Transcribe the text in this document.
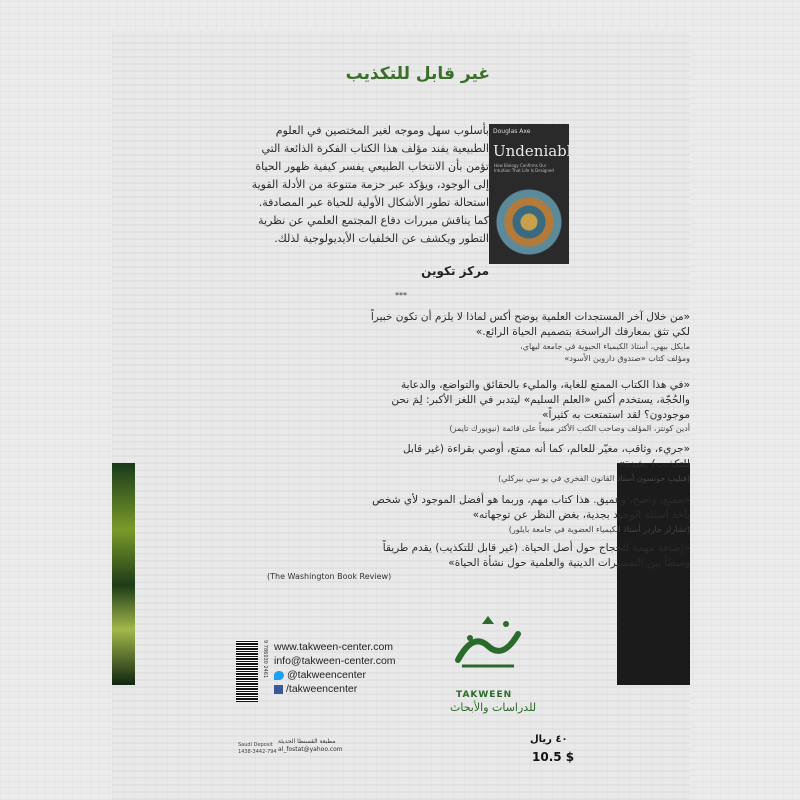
غير قابل للتكذيب
Douglas Axe
Undeniable
How Biology Confirms Our Intuition That Life Is Designed
بأسلوب سهل وموجه لغير المختصين في العلوم الطبيعية يفند مؤلف هذا الكتاب الفكرة الذائعة التي تؤمن بأن الانتخاب الطبيعي يفسر كيفية ظهور الحياة إلى الوجود، ويؤكد عبر حزمة متنوعة من الأدلة القوية استحالة تطور الأشكال الأولية للحياة عبر المصادفة. كما يناقش مبررات دفاع المجتمع العلمي عن نظرية التطور ويكشف عن الخلفيات الأيديولوجية لذلك.
مركز تكوين
***
«من خلال آخر المستجدات العلمية يوضح أكس لماذا لا يلزم أن تكون خبيراً لكي تثق بمعارفك الراسخة بتصميم الحياة الرائع.»
مايكل بيهي، أستاذ الكيمياء الحيوية في جامعة ليهاي،
ومؤلف كتاب «صندوق داروين الأسود»
«في هذا الكتاب الممتع للغاية، والمليء بالحقائق والتواضع، والدعابة والحُجّة، يستخدم أكس «العلم السليم» ليتدبر في اللغز الأكبر: لِمَ نحن موجودون؟ لقد استمتعت به كثيراً»
أدين كونتز، المؤلف وصاحب الكتب الأكثر مبيعاً على قائمة (نيويورك تايمز)
«جريء، وثاقب، مغيّر للعالم، كما أنه ممتع، أوصي بقراءة (غير قابل للتكذيب) بشدة»
(فيليب جونسون أستاذ القانون الفخري في يو سي بيركلي)
«ممتع، واضح، وعميق. هذا كتاب مهم، وربما هو أفضل الموجود لأي شخص يأخذ أسئلة الوجود بجدية، بغض النظر عن توجهاته»
(تشارلز جاردر أستاذ الكيمياء العضوية في جامعة بايلور)
«إضافة مهمة للحجاج حول أصل الحياة. (غير قابل للتكذيب) يقدم طريقاً وسطاً بين التفسيرات الدينية والعلمية حول نشأة الحياة»
(The Washington Book Review)
9 786030 2461 www.takween-center.com
info@takween-center.com
@takweencenter
/takweencenter	TAKWEEN
للدراسات والأبحاث
Saudi Deposit
1438-3442-794
مطبعة القسنطا الحديثة
al_fostat@yahoo.com
٤٠ ريال
10.5 $
